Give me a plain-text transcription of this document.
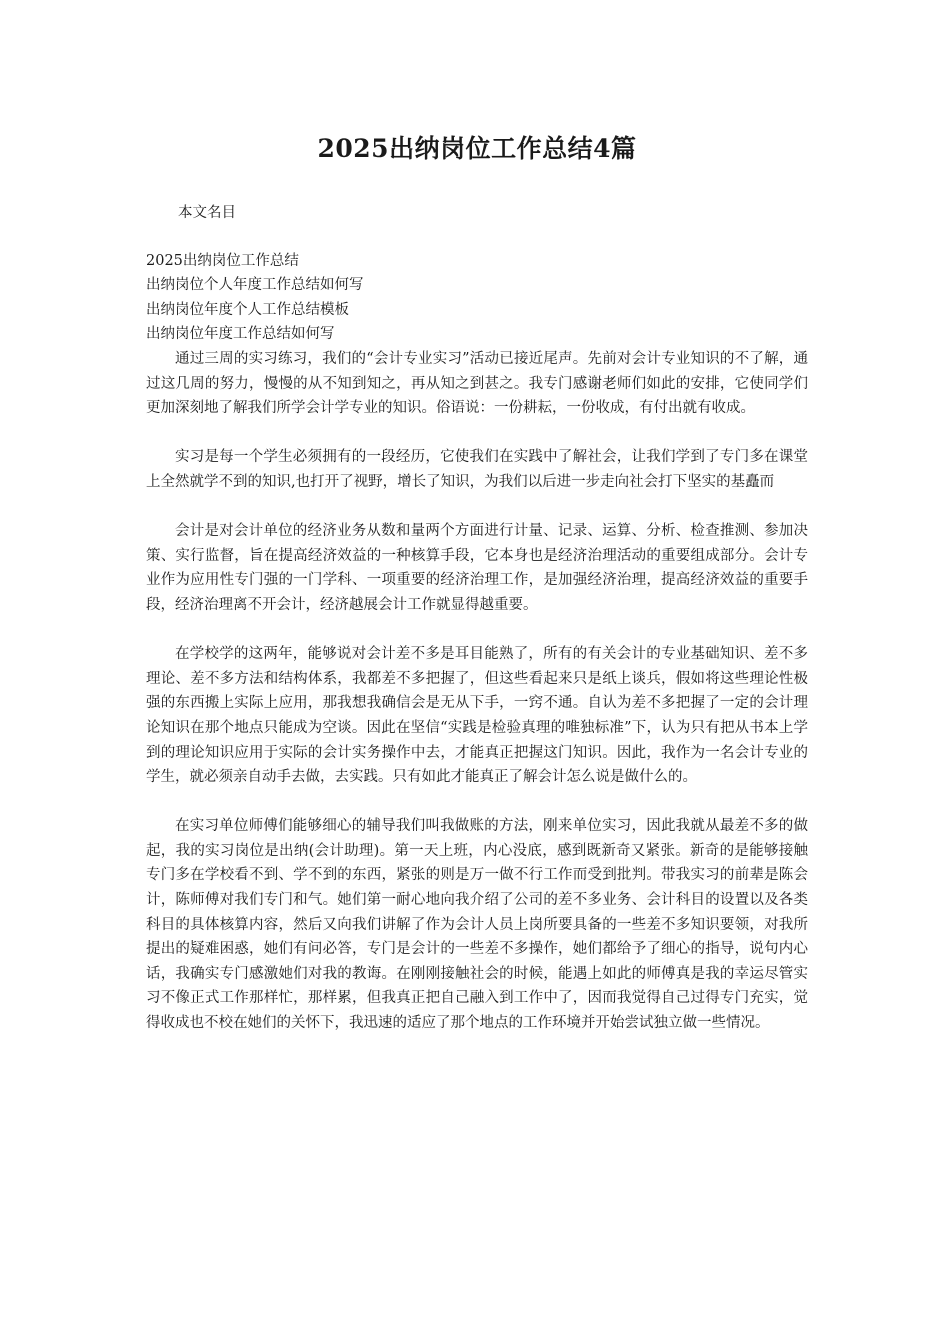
2025出纳岗位工作总结4篇
本文名目
2025出纳岗位工作总结
出纳岗位个人年度工作总结如何写
出纳岗位年度个人工作总结模板
出纳岗位年度工作总结如何写

通过三周的实习练习，我们的“会计专业实习”活动已接近尾声。先前对会计专业知识的不了解，通过这几周的努力，慢慢的从不知到知之，再从知之到甚之。我专门感谢老师们如此的安排，它使同学们更加深刻地了解我们所学会计学专业的知识。俗语说：一份耕耘，一份收成，有付出就有收成。

实习是每一个学生必须拥有的一段经历，它使我们在实践中了解社会，让我们学到了专门多在课堂上全然就学不到的知识,也打开了视野，增长了知识，为我们以后进一步走向社会打下坚实的基矗而

会计是对会计单位的经济业务从数和量两个方面进行计量、记录、运算、分析、检查推测、参加决策、实行监督，旨在提高经济效益的一种核算手段，它本身也是经济治理活动的重要组成部分。会计专业作为应用性专门强的一门学科、一项重要的经济治理工作，是加强经济治理，提高经济效益的重要手段，经济治理离不开会计，经济越展会计工作就显得越重要。

在学校学的这两年，能够说对会计差不多是耳目能熟了，所有的有关会计的专业基础知识、差不多理论、差不多方法和结构体系，我都差不多把握了，但这些看起来只是纸上谈兵，假如将这些理论性极强的东西搬上实际上应用，那我想我确信会是无从下手，一窍不通。自认为差不多把握了一定的会计理论知识在那个地点只能成为空谈。因此在坚信“实践是检验真理的唯独标准”下，认为只有把从书本上学到的理论知识应用于实际的会计实务操作中去，才能真正把握这门知识。因此，我作为一名会计专业的学生，就必须亲自动手去做，去实践。只有如此才能真正了解会计怎么说是做什么的。

在实习单位师傅们能够细心的辅导我们叫我做账的方法，刚来单位实习，因此我就从最差不多的做起，我的实习岗位是出纳(会计助理)。第一天上班，内心没底，感到既新奇又紧张。新奇的是能够接触专门多在学校看不到、学不到的东西，紧张的则是万一做不行工作而受到批判。带我实习的前辈是陈会计，陈师傅对我们专门和气。她们第一耐心地向我介绍了公司的差不多业务、会计科目的设置以及各类科目的具体核算内容，然后又向我们讲解了作为会计人员上岗所要具备的一些差不多知识要领，对我所提出的疑难困惑，她们有问必答，专门是会计的一些差不多操作，她们都给予了细心的指导，说句内心话，我确实专门感激她们对我的教诲。在刚刚接触社会的时候，能遇上如此的师傅真是我的幸运尽管实习不像正式工作那样忙，那样累，但我真正把自己融入到工作中了，因而我觉得自己过得专门充实，觉得收成也不校在她们的关怀下，我迅速的适应了那个地点的工作环境并开始尝试独立做一些情况。
